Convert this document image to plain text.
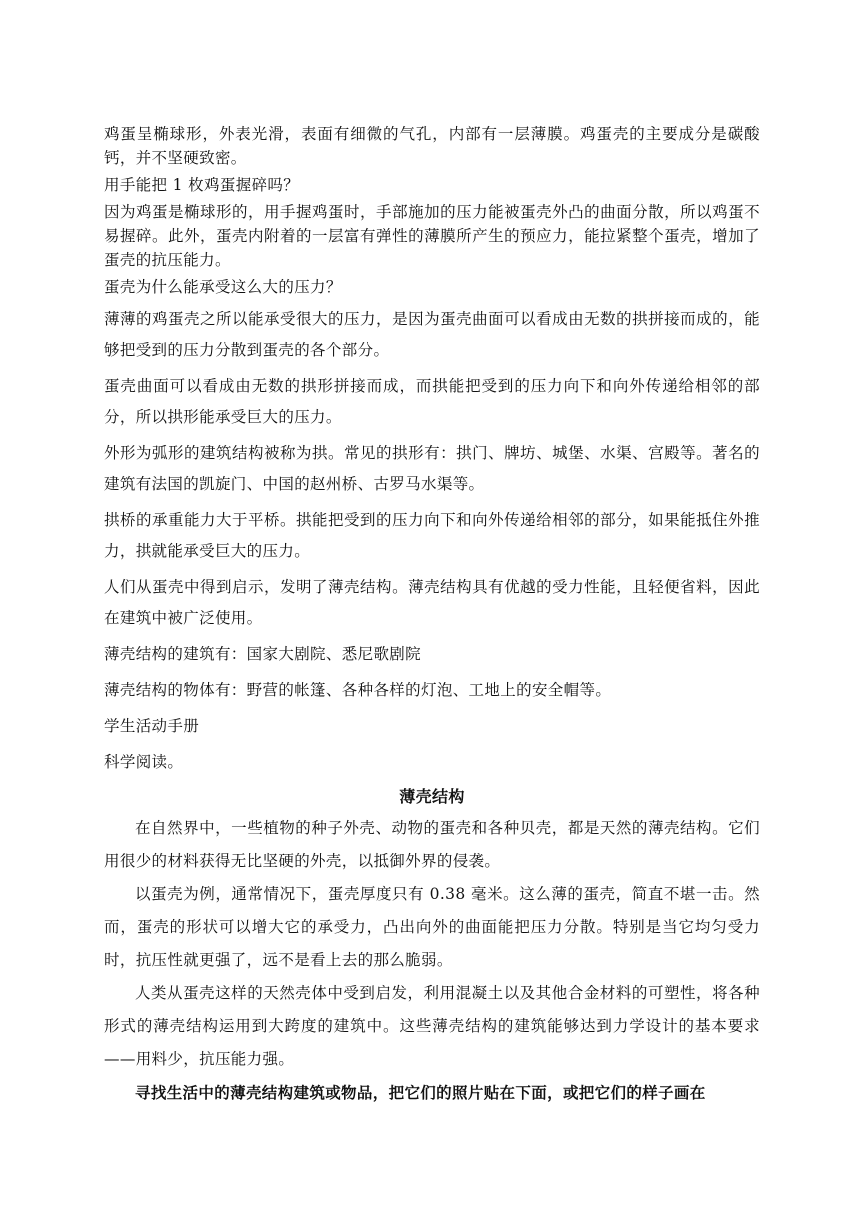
鸡蛋呈椭球形，外表光滑，表面有细微的气孔，内部有一层薄膜。鸡蛋壳的主要成分是碳酸钙，并不坚硬致密。

用手能把 1 枚鸡蛋握碎吗？

因为鸡蛋是椭球形的，用手握鸡蛋时，手部施加的压力能被蛋壳外凸的曲面分散，所以鸡蛋不易握碎。此外，蛋壳内附着的一层富有弹性的薄膜所产生的预应力，能拉紧整个蛋壳，增加了蛋壳的抗压能力。

蛋壳为什么能承受这么大的压力？

薄薄的鸡蛋壳之所以能承受很大的压力，是因为蛋壳曲面可以看成由无数的拱拼接而成的，能够把受到的压力分散到蛋壳的各个部分。

蛋壳曲面可以看成由无数的拱形拼接而成，而拱能把受到的压力向下和向外传递给相邻的部分，所以拱形能承受巨大的压力。

外形为弧形的建筑结构被称为拱。常见的拱形有：拱门、牌坊、城堡、水渠、宫殿等。著名的建筑有法国的凯旋门、中国的赵州桥、古罗马水渠等。

拱桥的承重能力大于平桥。拱能把受到的压力向下和向外传递给相邻的部分，如果能抵住外推力，拱就能承受巨大的压力。

人们从蛋壳中得到启示，发明了薄壳结构。薄壳结构具有优越的受力性能，且轻便省料，因此在建筑中被广泛使用。

薄壳结构的建筑有：国家大剧院、悉尼歌剧院

薄壳结构的物体有：野营的帐篷、各种各样的灯泡、工地上的安全帽等。

学生活动手册

科学阅读。

薄壳结构

在自然界中，一些植物的种子外壳、动物的蛋壳和各种贝壳，都是天然的薄壳结构。它们用很少的材料获得无比坚硬的外壳，以抵御外界的侵袭。

以蛋壳为例，通常情况下，蛋壳厚度只有 0.38 毫米。这么薄的蛋壳，简直不堪一击。然而，蛋壳的形状可以增大它的承受力，凸出向外的曲面能把压力分散。特别是当它均匀受力时，抗压性就更强了，远不是看上去的那么脆弱。

人类从蛋壳这样的天然壳体中受到启发，利用混凝土以及其他合金材料的可塑性，将各种形式的薄壳结构运用到大跨度的建筑中。这些薄壳结构的建筑能够达到力学设计的基本要求——用料少，抗压能力强。

寻找生活中的薄壳结构建筑或物品，把它们的照片贴在下面，或把它们的样子画在
